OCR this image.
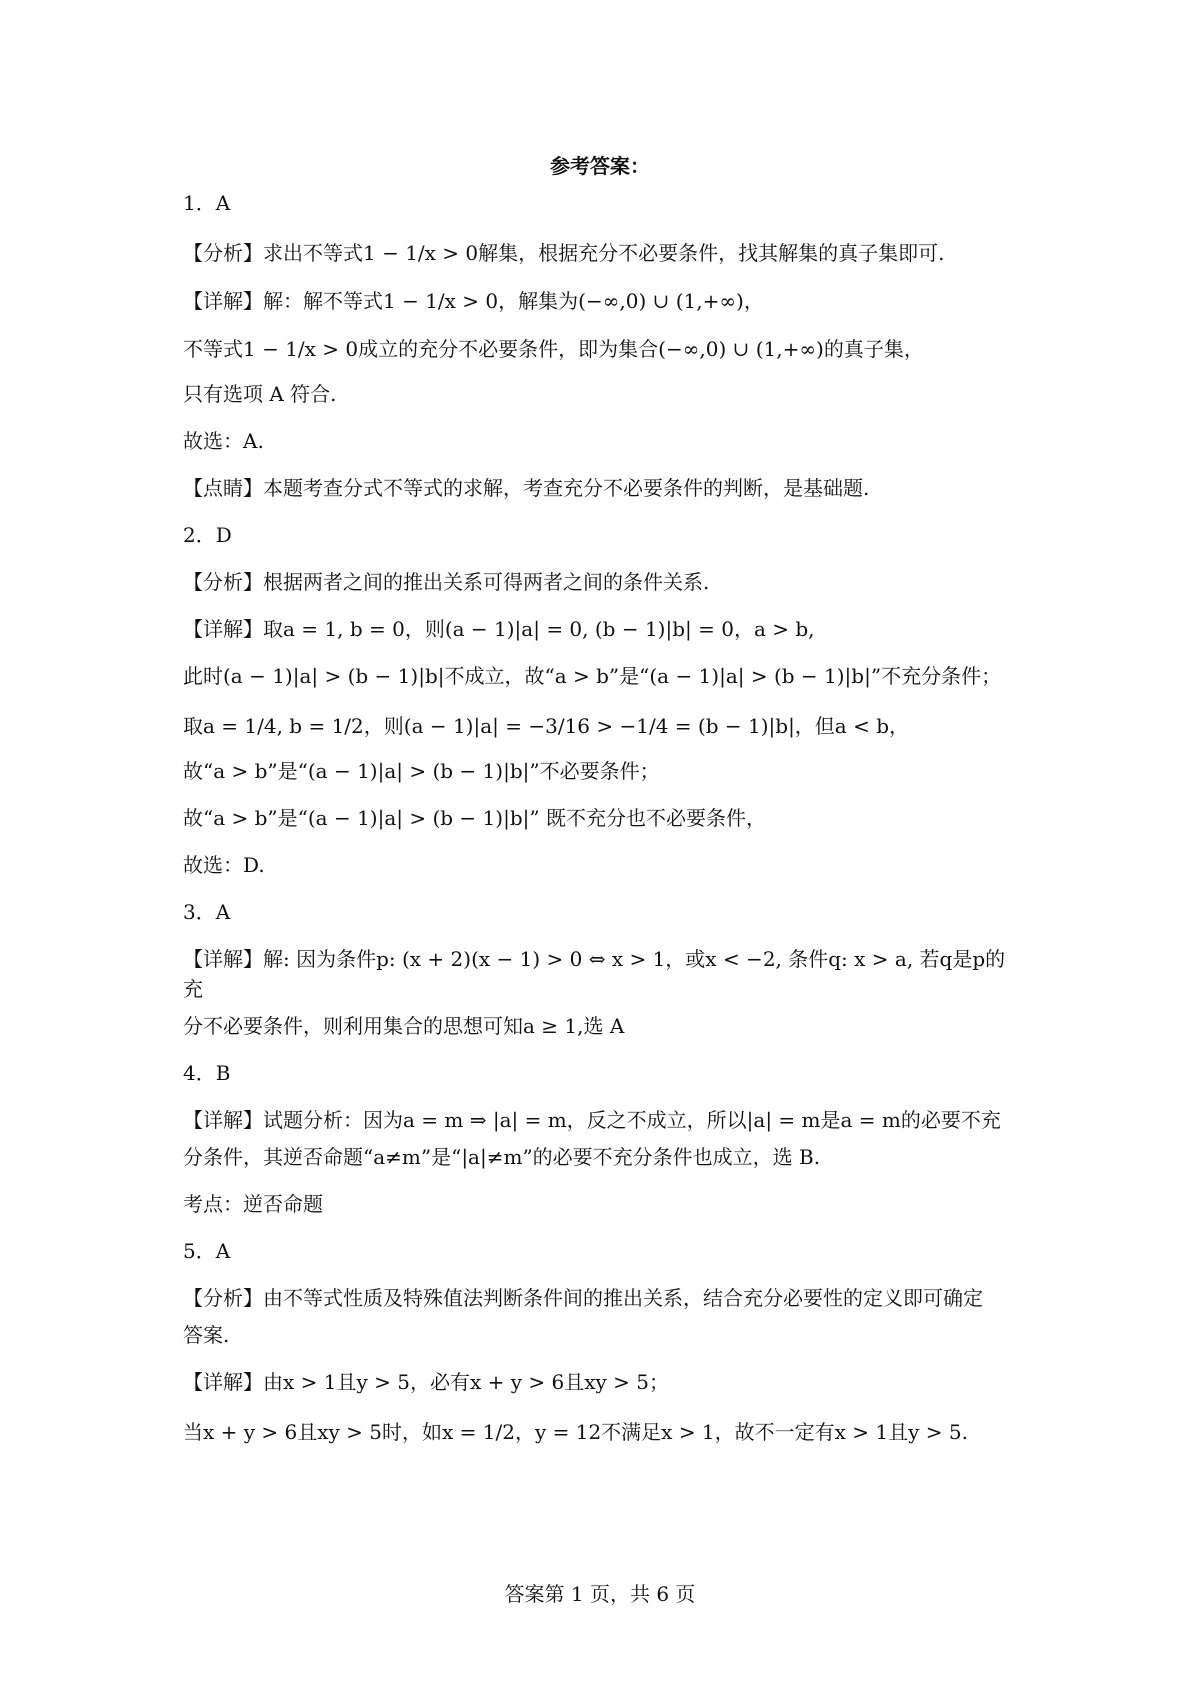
参考答案：

1．A

【分析】求出不等式1 − 1/x > 0解集，根据充分不必要条件，找其解集的真子集即可.

【详解】解：解不等式1 − 1/x > 0，解集为(−∞,0) ∪ (1,+∞)，

不等式1 − 1/x > 0成立的充分不必要条件，即为集合(−∞,0) ∪ (1,+∞)的真子集，

只有选项 A 符合.

故选：A.

【点睛】本题考查分式不等式的求解，考查充分不必要条件的判断，是基础题.

2．D

【分析】根据两者之间的推出关系可得两者之间的条件关系.

【详解】取a = 1, b = 0，则(a − 1)|a| = 0, (b − 1)|b| = 0，a > b,

此时(a − 1)|a| > (b − 1)|b|不成立，故“a > b”是“(a − 1)|a| > (b − 1)|b|”不充分条件；

取a = 1/4, b = 1/2，则(a − 1)|a| = −3/16 > −1/4 = (b − 1)|b|，但a < b，

故“a > b”是“(a − 1)|a| > (b − 1)|b|”不必要条件；

故“a > b”是“(a − 1)|a| > (b − 1)|b|” 既不充分也不必要条件，

故选：D.

3．A

【详解】解: 因为条件p: (x + 2)(x − 1) > 0 ⇔ x > 1，或x < −2, 条件q: x > a, 若q是p的充

分不必要条件，则利用集合的思想可知a ≥ 1,选 A

4．B

【详解】试题分析：因为a = m ⇒ |a| = m，反之不成立，所以|a| = m是a = m的必要不充

分条件，其逆否命题“a≠m”是“|a|≠m”的必要不充分条件也成立，选 B.

考点：逆否命题

5．A

【分析】由不等式性质及特殊值法判断条件间的推出关系，结合充分必要性的定义即可确定

答案.

【详解】由x > 1且y > 5，必有x + y > 6且xy > 5；

当x + y > 6且xy > 5时，如x = 1/2，y = 12不满足x > 1，故不一定有x > 1且y > 5.

答案第 1 页，共 6 页
